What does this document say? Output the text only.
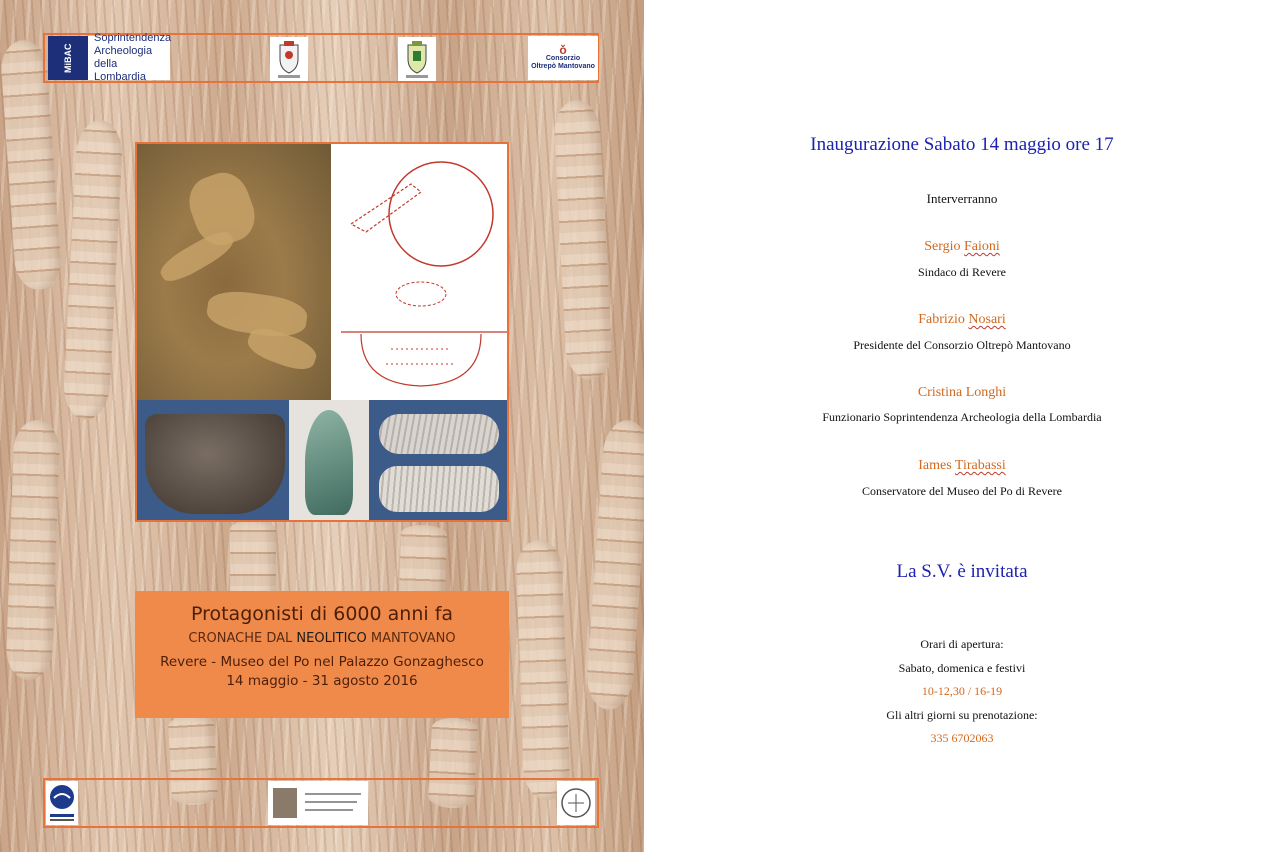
MiBAC
Soprintendenza
Archeologia
della Lombardia
ǒ
Consorzio
Oltrepò Mantovano
Protagonisti di 6000 anni fa
CRONACHE DAL NEOLITICO MANTOVANO
Revere - Museo del Po nel Palazzo Gonzaghesco
14 maggio - 31 agosto 2016
Inaugurazione Sabato 14 maggio ore 17
Interverranno
Sergio Faioni
Sindaco di Revere
Fabrizio Nosari
Presidente del Consorzio Oltrepò Mantovano
Cristina Longhi
Funzionario Soprintendenza Archeologia della Lombardia
Iames Tirabassi
Conservatore del Museo del Po di Revere
La S.V. è invitata
Orari di apertura:
Sabato, domenica e festivi
10-12,30 / 16-19
Gli altri giorni su prenotazione:
335 6702063
